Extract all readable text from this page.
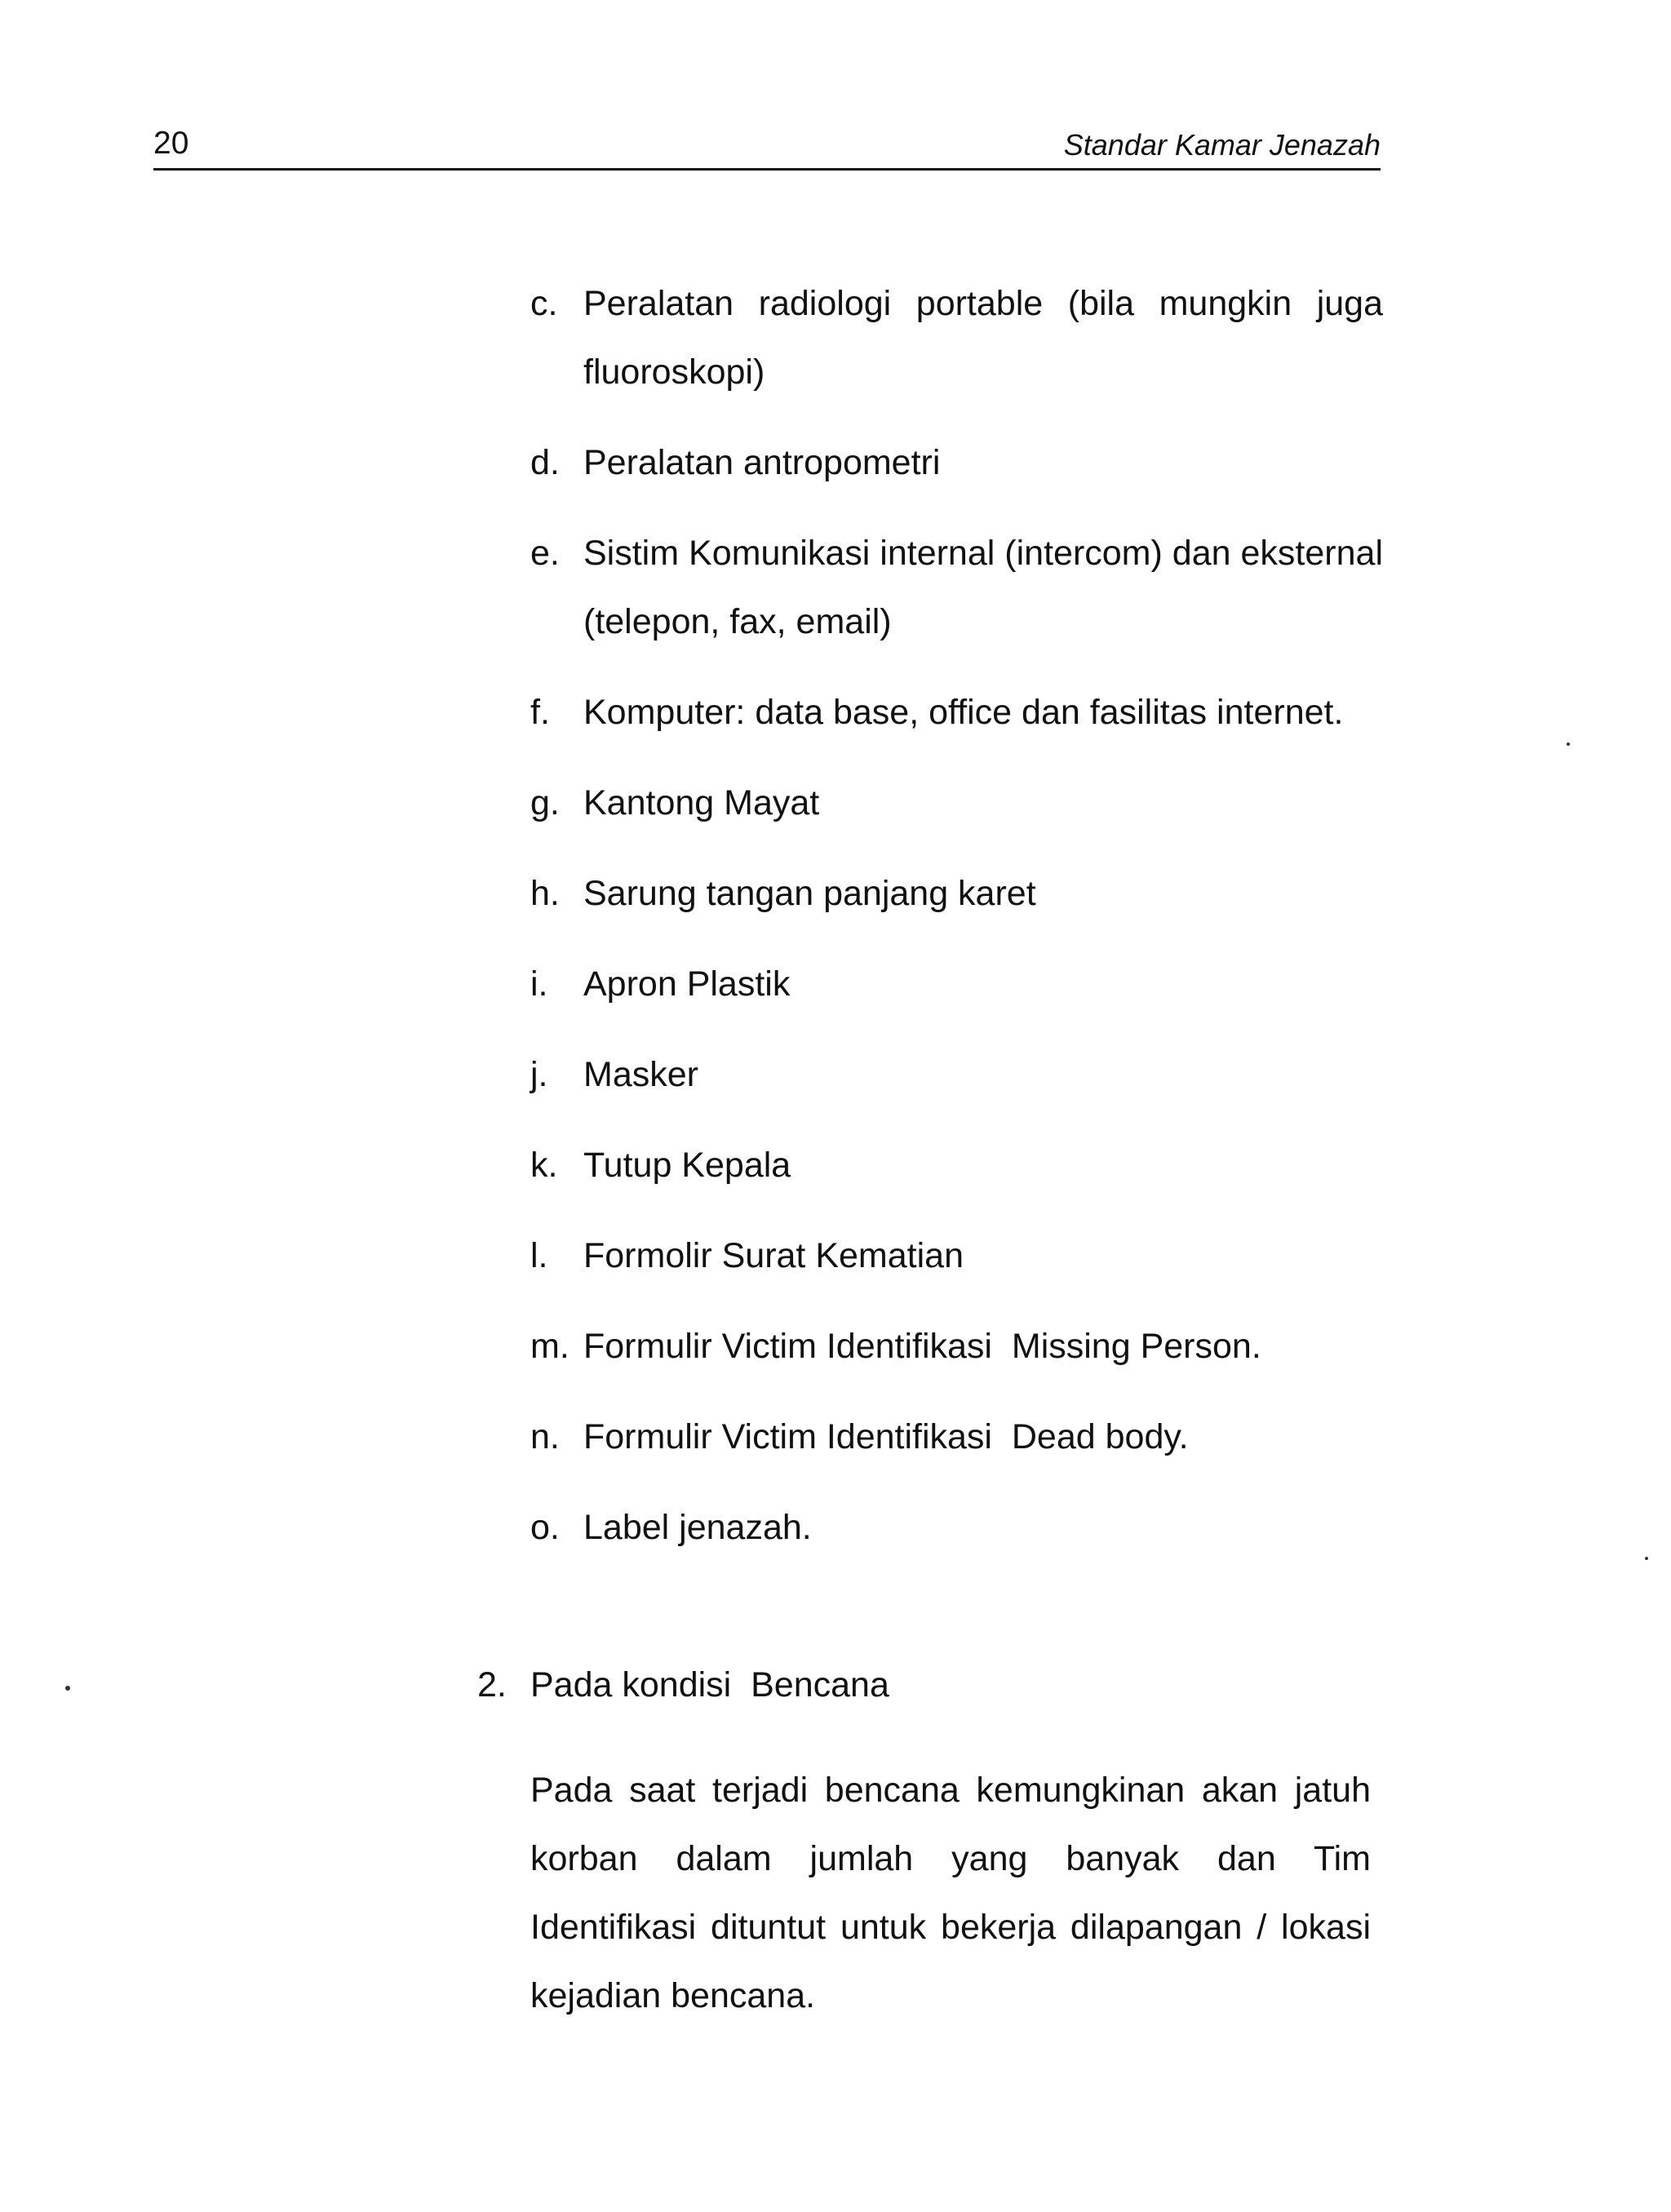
20	Standar Kamar Jenazah
c. Peralatan radiologi portable (bila mungkin juga fluoroskopi)
d. Peralatan antropometri
e. Sistim Komunikasi internal (intercom) dan eksternal (telepon, fax, email)
f. Komputer: data base, office dan fasilitas internet.
g. Kantong Mayat
h. Sarung tangan panjang karet
i. Apron Plastik
j. Masker
k. Tutup Kepala
l. Formolir Surat Kematian
m. Formulir Victim Identifikasi  Missing Person.
n. Formulir Victim Identifikasi  Dead body.
o. Label jenazah.
2. Pada kondisi  Bencana

Pada saat terjadi bencana kemungkinan akan jatuh korban dalam jumlah yang banyak dan Tim Identifikasi dituntut untuk bekerja dilapangan / lokasi kejadian bencana.
